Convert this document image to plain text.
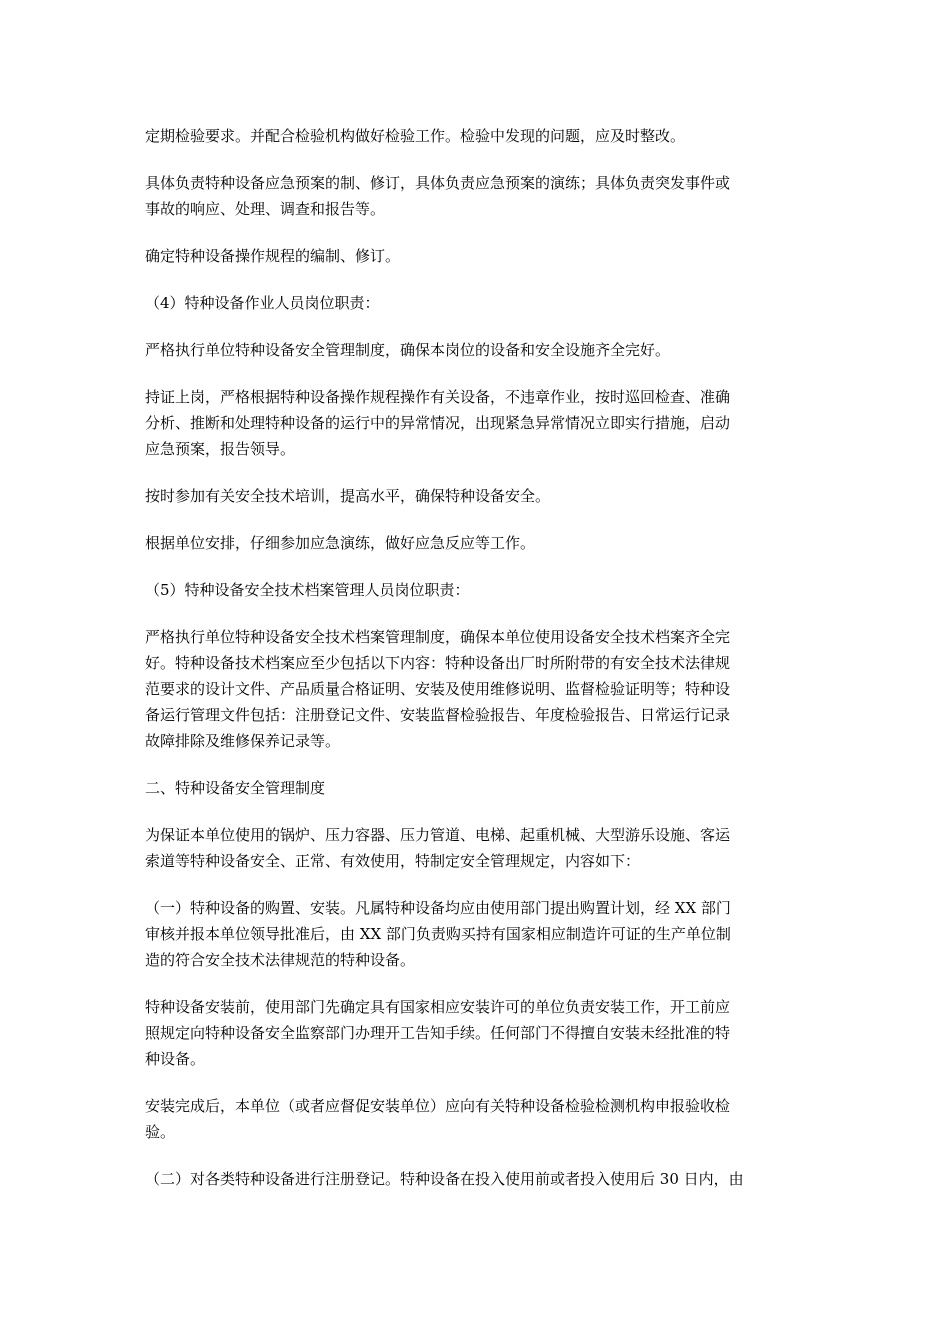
定期检验要求。并配合检验机构做好检验工作。检验中发现的问题，应及时整改。

具体负责特种设备应急预案的制、修订，具体负责应急预案的演练；具体负责突发事件或
事故的响应、处理、调查和报告等。

确定特种设备操作规程的编制、修订。

（4）特种设备作业人员岗位职责：

严格执行单位特种设备安全管理制度，确保本岗位的设备和安全设施齐全完好。

持证上岗，严格根据特种设备操作规程操作有关设备，不违章作业，按时巡回检查、准确
分析、推断和处理特种设备的运行中的异常情况，出现紧急异常情况立即实行措施，启动
应急预案，报告领导。

按时参加有关安全技术培训，提高水平，确保特种设备安全。

根据单位安排，仔细参加应急演练，做好应急反应等工作。

（5）特种设备安全技术档案管理人员岗位职责：

严格执行单位特种设备安全技术档案管理制度，确保本单位使用设备安全技术档案齐全完
好。特种设备技术档案应至少包括以下内容：特种设备出厂时所附带的有安全技术法律规
范要求的设计文件、产品质量合格证明、安装及使用维修说明、监督检验证明等；特种设
备运行管理文件包括：注册登记文件、安装监督检验报告、年度检验报告、日常运行记录
故障排除及维修保养记录等。

二、特种设备安全管理制度

为保证本单位使用的锅炉、压力容器、压力管道、电梯、起重机械、大型游乐设施、客运
索道等特种设备安全、正常、有效使用，特制定安全管理规定，内容如下：

（一）特种设备的购置、安装。凡属特种设备均应由使用部门提出购置计划，经 XX 部门
审核并报本单位领导批准后，由 XX 部门负责购买持有国家相应制造许可证的生产单位制
造的符合安全技术法律规范的特种设备。

特种设备安装前，使用部门先确定具有国家相应安装许可的单位负责安装工作，开工前应
照规定向特种设备安全监察部门办理开工告知手续。任何部门不得擅自安装未经批准的特
种设备。

安装完成后，本单位（或者应督促安装单位）应向有关特种设备检验检测机构申报验收检
验。

（二）对各类特种设备进行注册登记。特种设备在投入使用前或者投入使用后 30 日内，由
